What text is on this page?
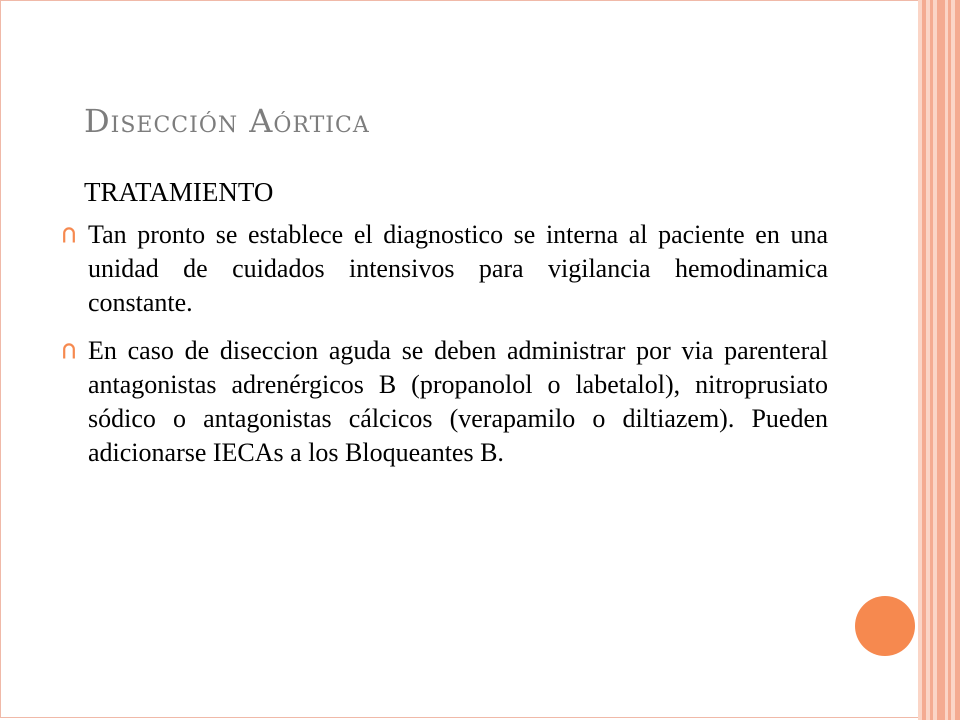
Disección Aórtica
TRATAMIENTO
Tan pronto se establece el diagnostico se interna al paciente en una unidad de cuidados intensivos para vigilancia hemodinamica constante.
En caso de diseccion aguda se deben administrar por via parenteral antagonistas adrenérgicos B (propanolol o labetalol), nitroprusiato sódico o antagonistas cálcicos (verapamilo o diltiazem). Pueden adicionarse IECAs a los Bloqueantes B.
